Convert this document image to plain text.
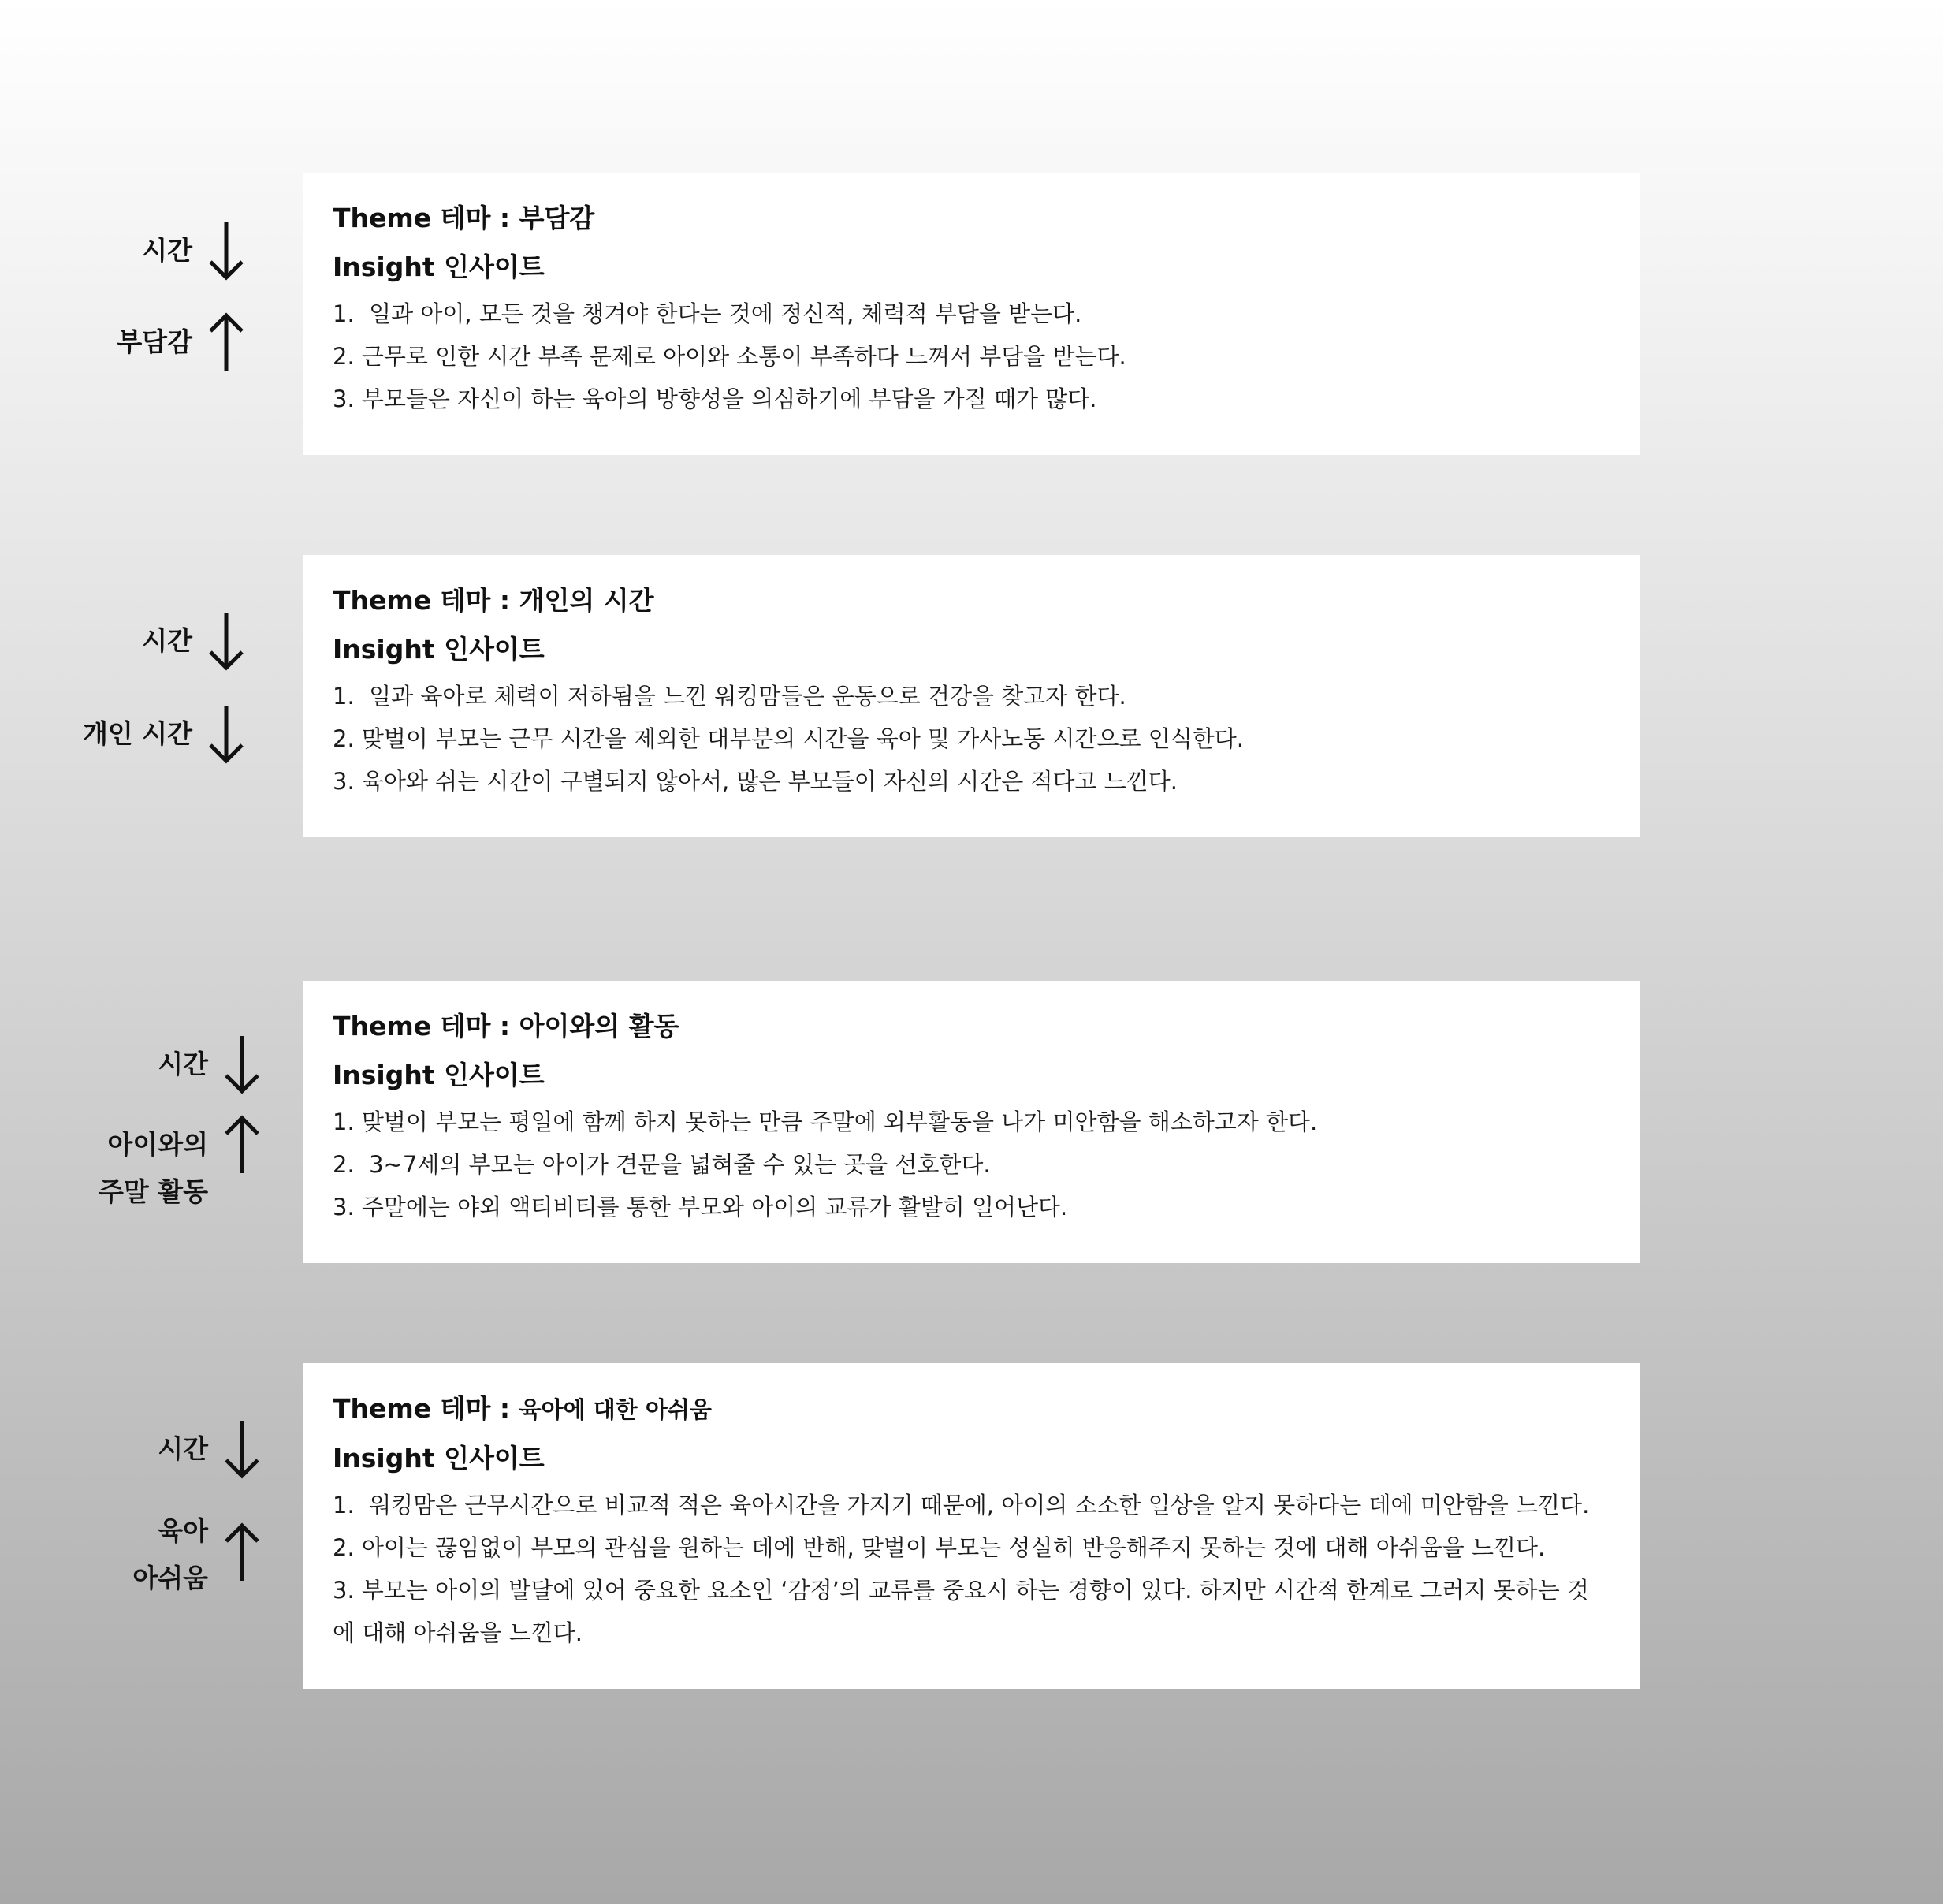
시간
부담감
Theme 테마 : 부담감
Insight 인사이트
1.  일과 아이, 모든 것을 챙겨야 한다는 것에 정신적, 체력적 부담을 받는다.
2. 근무로 인한 시간 부족 문제로 아이와 소통이 부족하다 느껴서 부담을 받는다.
3. 부모들은 자신이 하는 육아의 방향성을 의심하기에 부담을 가질 때가 많다.
시간
개인 시간
Theme 테마 : 개인의 시간
Insight 인사이트
1.  일과 육아로 체력이 저하됨을 느낀 워킹맘들은 운동으로 건강을 찾고자 한다.
2. 맞벌이 부모는 근무 시간을 제외한 대부분의 시간을 육아 및 가사노동 시간으로 인식한다.
3. 육아와 쉬는 시간이 구별되지 않아서, 많은 부모들이 자신의 시간은 적다고 느낀다.
시간
아이와의
주말 활동
Theme 테마 : 아이와의 활동
Insight 인사이트
1. 맞벌이 부모는 평일에 함께 하지 못하는 만큼 주말에 외부활동을 나가 미안함을 해소하고자 한다.
2.  3~7세의 부모는 아이가 견문을 넓혀줄 수 있는 곳을 선호한다.
3. 주말에는 야외 액티비티를 통한 부모와 아이의 교류가 활발히 일어난다.
시간
육아
아쉬움
Theme 테마 : 육아에 대한 아쉬움
Insight 인사이트
1.  워킹맘은 근무시간으로 비교적 적은 육아시간을 가지기 때문에, 아이의 소소한 일상을 알지 못하다는 데에 미안함을 느낀다.
2. 아이는 끊임없이 부모의 관심을 원하는 데에 반해, 맞벌이 부모는 성실히 반응해주지 못하는 것에 대해 아쉬움을 느낀다.
3. 부모는 아이의 발달에 있어 중요한 요소인 ‘감정’의 교류를 중요시 하는 경향이 있다. 하지만 시간적 한계로 그러지 못하는 것에 대해 아쉬움을 느낀다.
